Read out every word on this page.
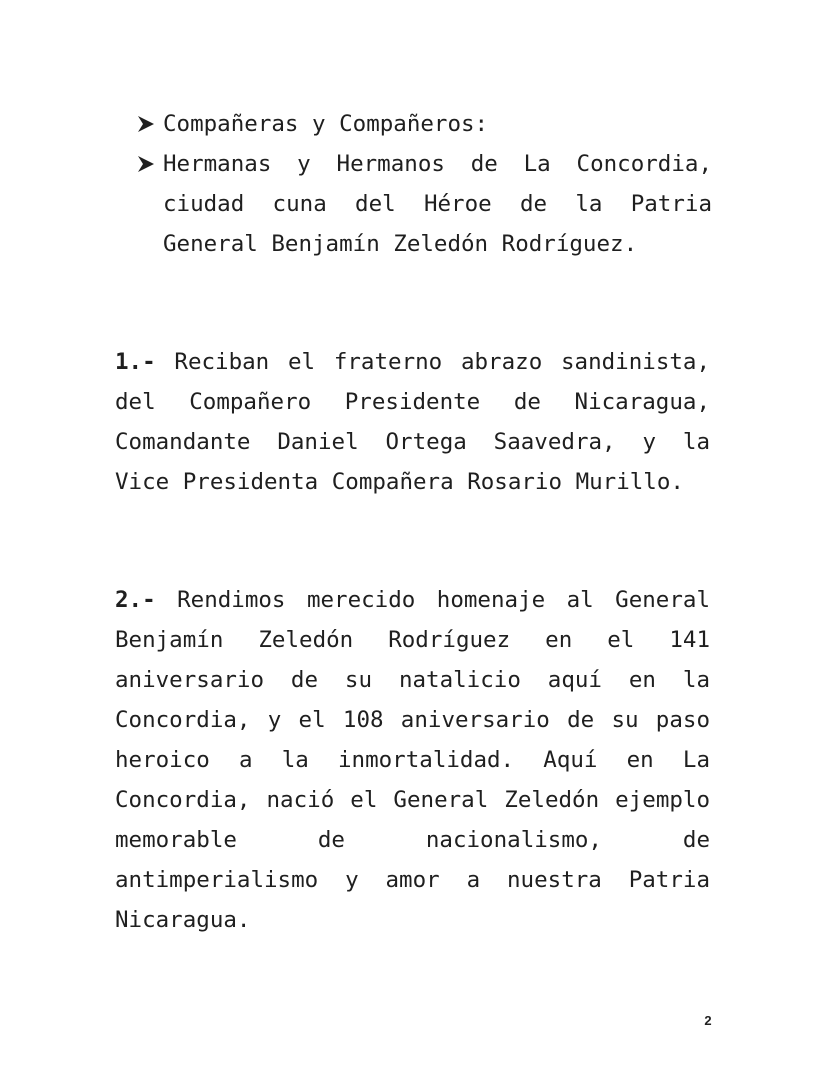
Compañeras y Compañeros:
Hermanas y Hermanos de La Concordia, ciudad cuna del Héroe de la Patria General Benjamín Zeledón Rodríguez.

1.- Reciban el fraterno abrazo sandinista, del Compañero Presidente de Nicaragua, Comandante Daniel Ortega Saavedra, y la Vice Presidenta Compañera Rosario Murillo.

2.- Rendimos merecido homenaje al General Benjamín Zeledón Rodríguez en el 141 aniversario de su natalicio aquí en la Concordia, y el 108 aniversario de su paso heroico a la inmortalidad. Aquí en La Concordia, nació el General Zeledón ejemplo memorable de nacionalismo, de antimperialismo y amor a nuestra Patria Nicaragua.

2
